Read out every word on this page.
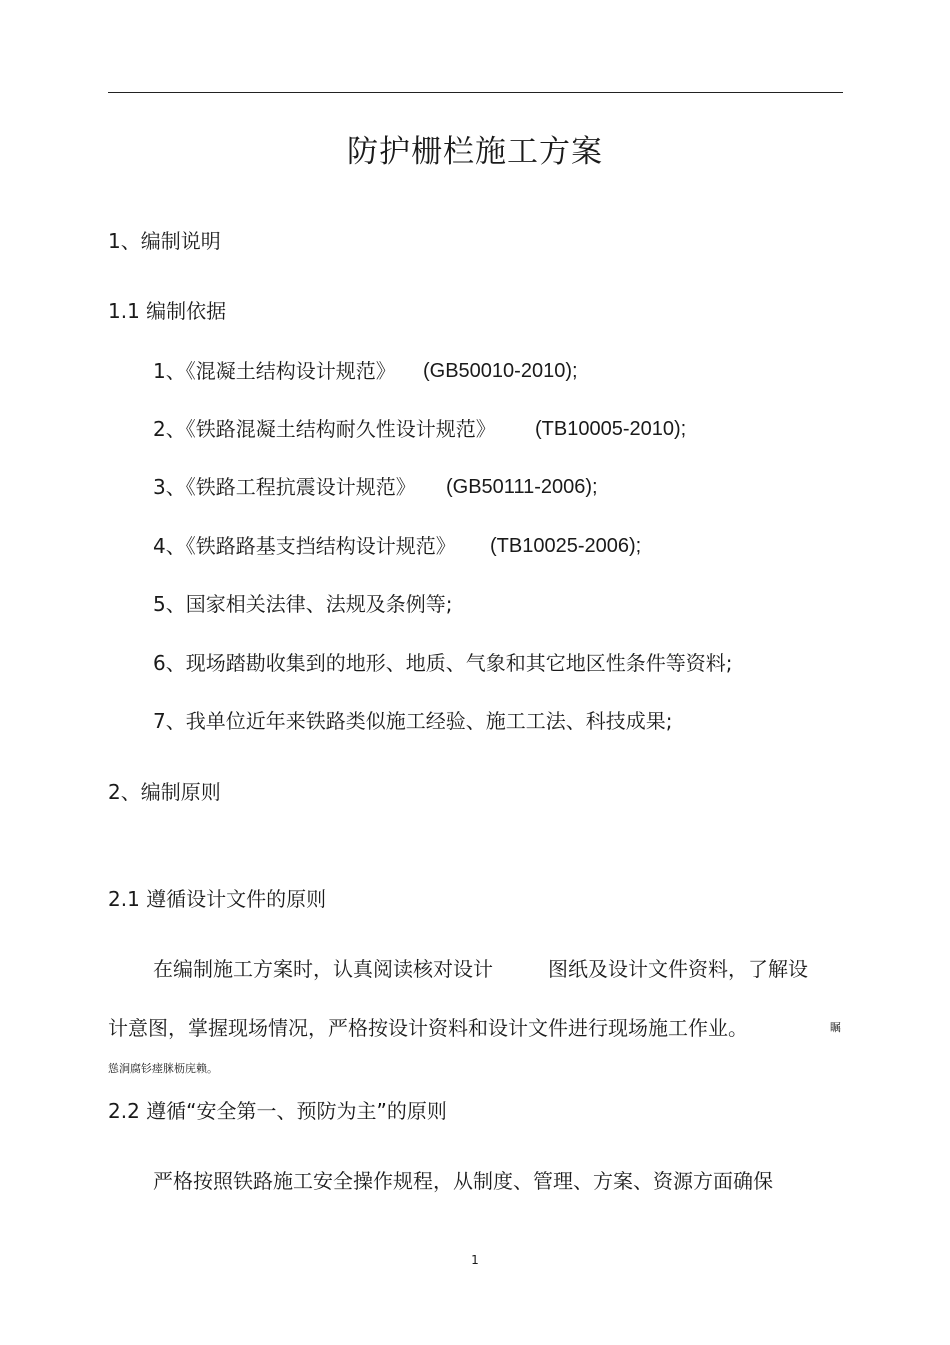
防护栅栏施工方案
1、编制说明
1.1 编制依据
1、《混凝土结构设计规范》 (GB50010-2010);
2、《铁路混凝土结构耐久性设计规范》 (TB10005-2010);
3、《铁路工程抗震设计规范》 (GB50111-2006);
4、《铁路路基支挡结构设计规范》 (TB10025-2006);
5、国家相关法律、法规及条例等;
6、现场踏勘收集到的地形、地质、气象和其它地区性条件等资料;
7、我单位近年来铁路类似施工经验、施工工法、科技成果;
2、编制原则
2.1 遵循设计文件的原则
在编制施工方案时，认真阅读核对设计	图纸及设计文件资料，了解设
计意图，掌握现场情况，严格按设计资料和设计文件进行现场施工作业。	瞩
慫涧腐钐瘗脒枥庑赖。
2.2 遵循“安全第一、预防为主”的原则
严格按照铁路施工安全操作规程，从制度、管理、方案、资源方面确保
1
